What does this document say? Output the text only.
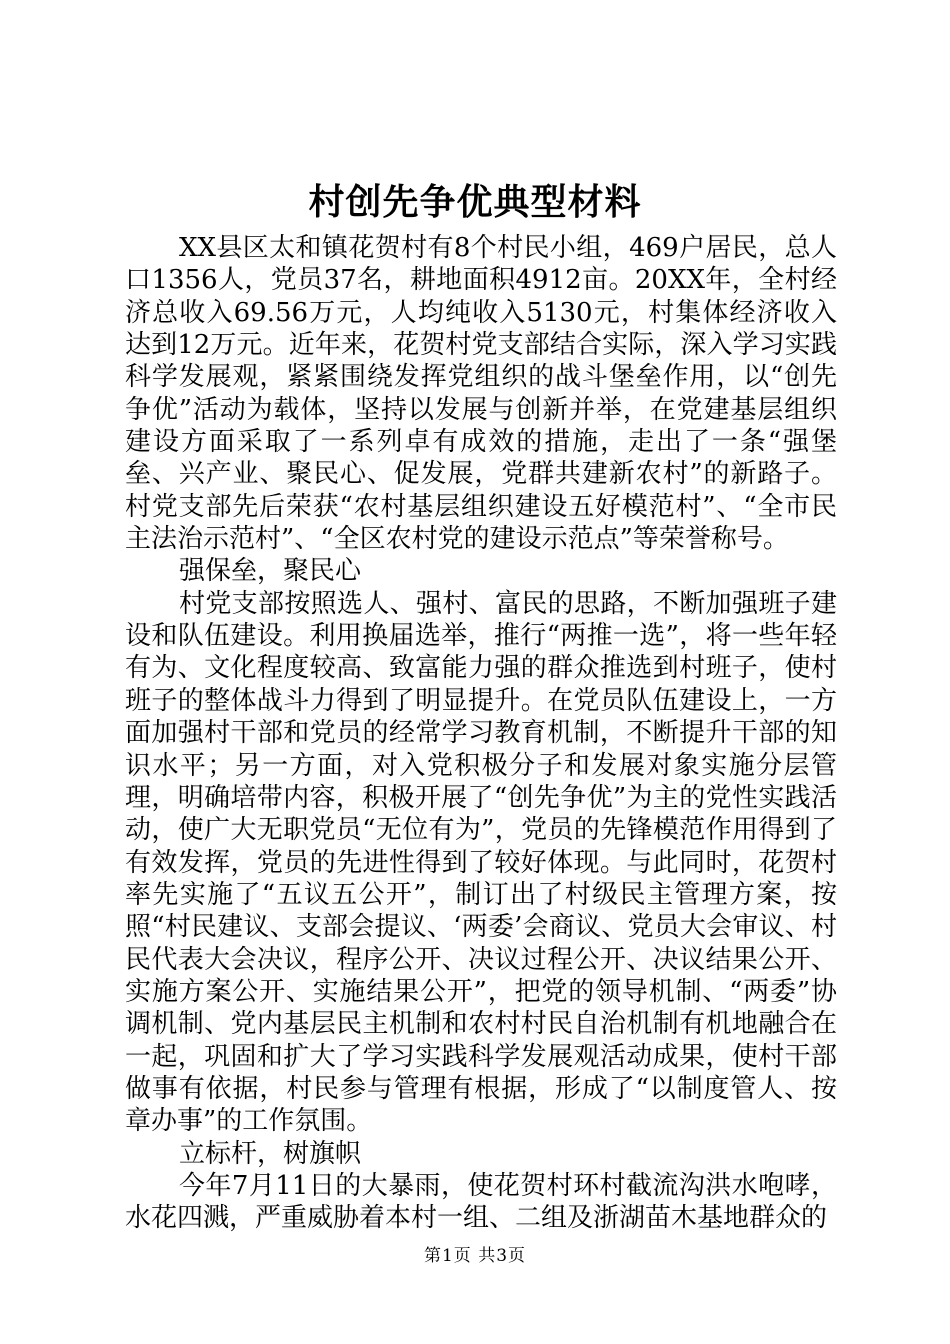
村创先争优典型材料

XX县区太和镇花贺村有8个村民小组，469户居民，总人口1356人，党员37名，耕地面积4912亩。20XX年，全村经济总收入69.56万元，人均纯收入5130元，村集体经济收入达到12万元。近年来，花贺村党支部结合实际，深入学习实践科学发展观，紧紧围绕发挥党组织的战斗堡垒作用，以“创先争优”活动为载体，坚持以发展与创新并举，在党建基层组织建设方面采取了一系列卓有成效的措施，走出了一条“强堡垒、兴产业、聚民心、促发展，党群共建新农村”的新路子。村党支部先后荣获“农村基层组织建设五好模范村”、“全市民主法治示范村”、“全区农村党的建设示范点”等荣誉称号。

强保垒，聚民心

村党支部按照选人、强村、富民的思路，不断加强班子建设和队伍建设。利用换届选举，推行“两推一选”，将一些年轻有为、文化程度较高、致富能力强的群众推选到村班子，使村班子的整体战斗力得到了明显提升。在党员队伍建设上，一方面加强村干部和党员的经常学习教育机制，不断提升干部的知识水平；另一方面，对入党积极分子和发展对象实施分层管理，明确培带内容，积极开展了“创先争优”为主的党性实践活动，使广大无职党员“无位有为”，党员的先锋模范作用得到了有效发挥，党员的先进性得到了较好体现。与此同时，花贺村率先实施了“五议五公开”，制订出了村级民主管理方案，按照“村民建议、支部会提议、‘两委’会商议、党员大会审议、村民代表大会决议，程序公开、决议过程公开、决议结果公开、实施方案公开、实施结果公开”，把党的领导机制、“两委”协调机制、党内基层民主机制和农村村民自治机制有机地融合在一起，巩固和扩大了学习实践科学发展观活动成果，使村干部做事有依据，村民参与管理有根据，形成了“以制度管人、按章办事”的工作氛围。

立标杆，树旗帜

今年7月11日的大暴雨，使花贺村环村截流沟洪水咆哮，水花四溅，严重威胁着本村一组、二组及浙湖苗木基地群众的

第1页 共3页
